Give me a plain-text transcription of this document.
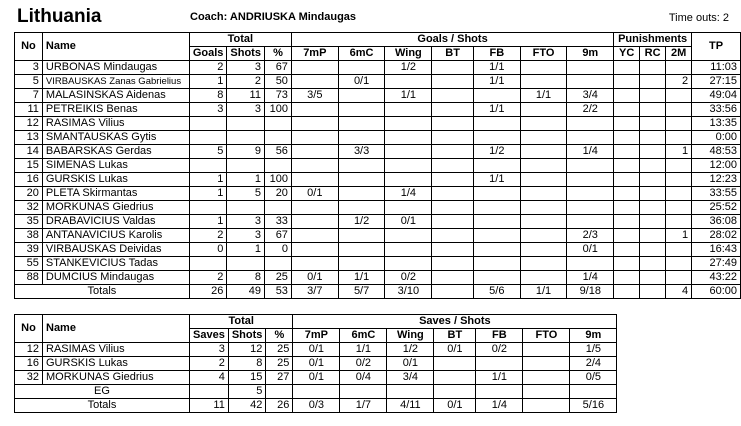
Lithuania	Coach: ANDRIUSKA Mindaugas	Time outs: 2
No	Name	Total			Goals / Shots							Punishments			TP
		Goals	Shots	%	7mP	6mC	Wing	BT	FB	FTO	9m	YC	RC	2M	
3	URBONAS Mindaugas	2	3	67			1/2		1/1						11:03
5	VIRBAUSKAS Zanas Gabrielius	1	2	50		0/1			1/1					2	27:15
7	MALASINSKAS Aidenas	8	11	73	3/5		1/1			1/1	3/4				49:04
11	PETREIKIS Benas	3	3	100					1/1		2/2				33:56
12	RASIMAS Vilius														13:35
13	SMANTAUSKAS Gytis														0:00
14	BABARSKAS Gerdas	5	9	56		3/3			1/2		1/4			1	48:53
15	SIMENAS Lukas														12:00
16	GURSKIS Lukas	1	1	100					1/1						12:23
20	PLETA Skirmantas	1	5	20	0/1		1/4								33:55
32	MORKUNAS Giedrius														25:52
35	DRABAVICIUS Valdas	1	3	33		1/2	0/1								36:08
38	ANTANAVICIUS Karolis	2	3	67							2/3			1	28:02
39	VIRBAUSKAS Deividas	0	1	0							0/1				16:43
55	STANKEVICIUS Tadas														27:49
88	DUMCIUS Mindaugas	2	8	25	0/1	1/1	0/2				1/4				43:22
Totals		26	49	53	3/7	5/7	3/10		5/6	1/1	9/18			4	60:00
No	Name	Total			Saves / Shots						
		Saves	Shots	%	7mP	6mC	Wing	BT	FB	FTO	9m
12	RASIMAS Vilius	3	12	25	0/1	1/1	1/2	0/1	0/2		1/5
16	GURSKIS Lukas	2	8	25	0/1	0/2	0/1				2/4
32	MORKUNAS Giedrius	4	15	27	0/1	0/4	3/4		1/1		0/5
EG			5								
Totals		11	42	26	0/3	1/7	4/11	0/1	1/4		5/16
